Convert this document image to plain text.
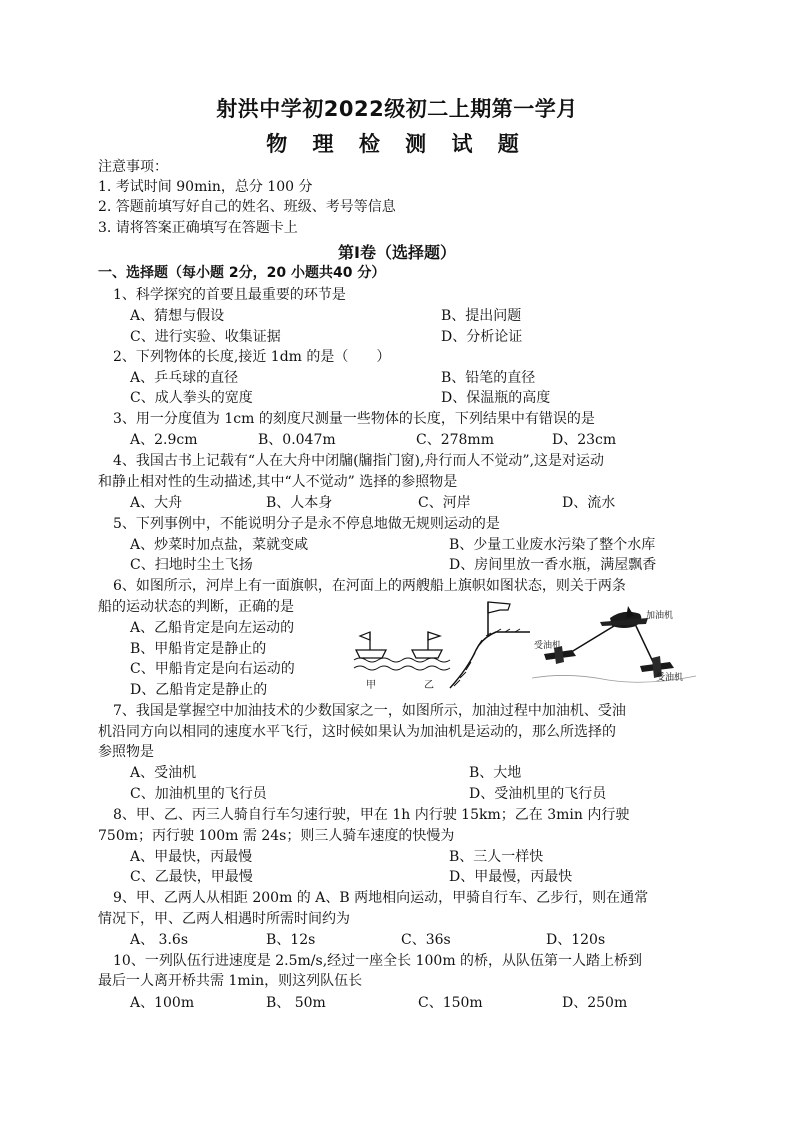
射洪中学初2022级初二上期第一学月
物 理 检 测 试 题
注意事项：
1. 考试时间 90min，总分 100 分
2. 答题前填写好自己的姓名、班级、考号等信息
3. 请将答案正确填写在答题卡上
第Ⅰ卷（选择题）
一、选择题（每小题 2分，20 小题共40 分）
1、科学探究的首要且最重要的环节是
A、猜想与假设	B、提出问题
C、进行实验、收集证据	D、分析论证
2、下列物体的长度,接近 1dm 的是（　　）
A、乒乓球的直径	B、铅笔的直径
C、成人拳头的宽度	D、保温瓶的高度
3、用一分度值为 1cm 的刻度尺测量一些物体的长度，下列结果中有错误的是
A、2.9cm	B、0.047m	C、278mm	D、23cm
4、我国古书上记载有“人在大舟中闭牖(牖指门窗),舟行而人不觉动”,这是对运动
和静止相对性的生动描述,其中“人不觉动” 选择的参照物是
A、大舟	B、人本身	C、河岸	D、流水
5、下列事例中，不能说明分子是永不停息地做无规则运动的是
A、炒菜时加点盐，菜就变咸	B、少量工业废水污染了整个水库
C、扫地时尘土飞扬	D、房间里放一香水瓶，满屋飘香
6、如图所示，河岸上有一面旗帜，在河面上的两艘船上旗帜如图状态，则关于两条
船的运动状态的判断，正确的是
A、乙船肯定是向左运动的
B、甲船肯定是静止的
C、甲船肯定是向右运动的
D、乙船肯定是静止的	甲	乙
加油机
受油机
受油机
7、我国是掌握空中加油技术的少数国家之一，如图所示，加油过程中加油机、受油
机沿同方向以相同的速度水平飞行，这时候如果认为加油机是运动的，那么所选择的
参照物是
A、受油机	B、大地
C、加油机里的飞行员	D、受油机里的飞行员
8、甲、乙、丙三人骑自行车匀速行驶，甲在 1h 内行驶 15km；乙在 3min 内行驶
750m；丙行驶 100m 需 24s；则三人骑车速度的快慢为
A、甲最快，丙最慢	B、三人一样快
C、乙最快，甲最慢	D、甲最慢，丙最快
9、甲、乙两人从相距 200m 的 A、B 两地相向运动，甲骑自行车、乙步行，则在通常
情况下，甲、乙两人相遇时所需时间约为
A、 3.6s	B、12s	C、36s	D、120s
10、一列队伍行进速度是 2.5m/s,经过一座全长 100m 的桥，从队伍第一人踏上桥到
最后一人离开桥共需 1min，则这列队伍长
A、100m	B、 50m	C、150m	D、250m
